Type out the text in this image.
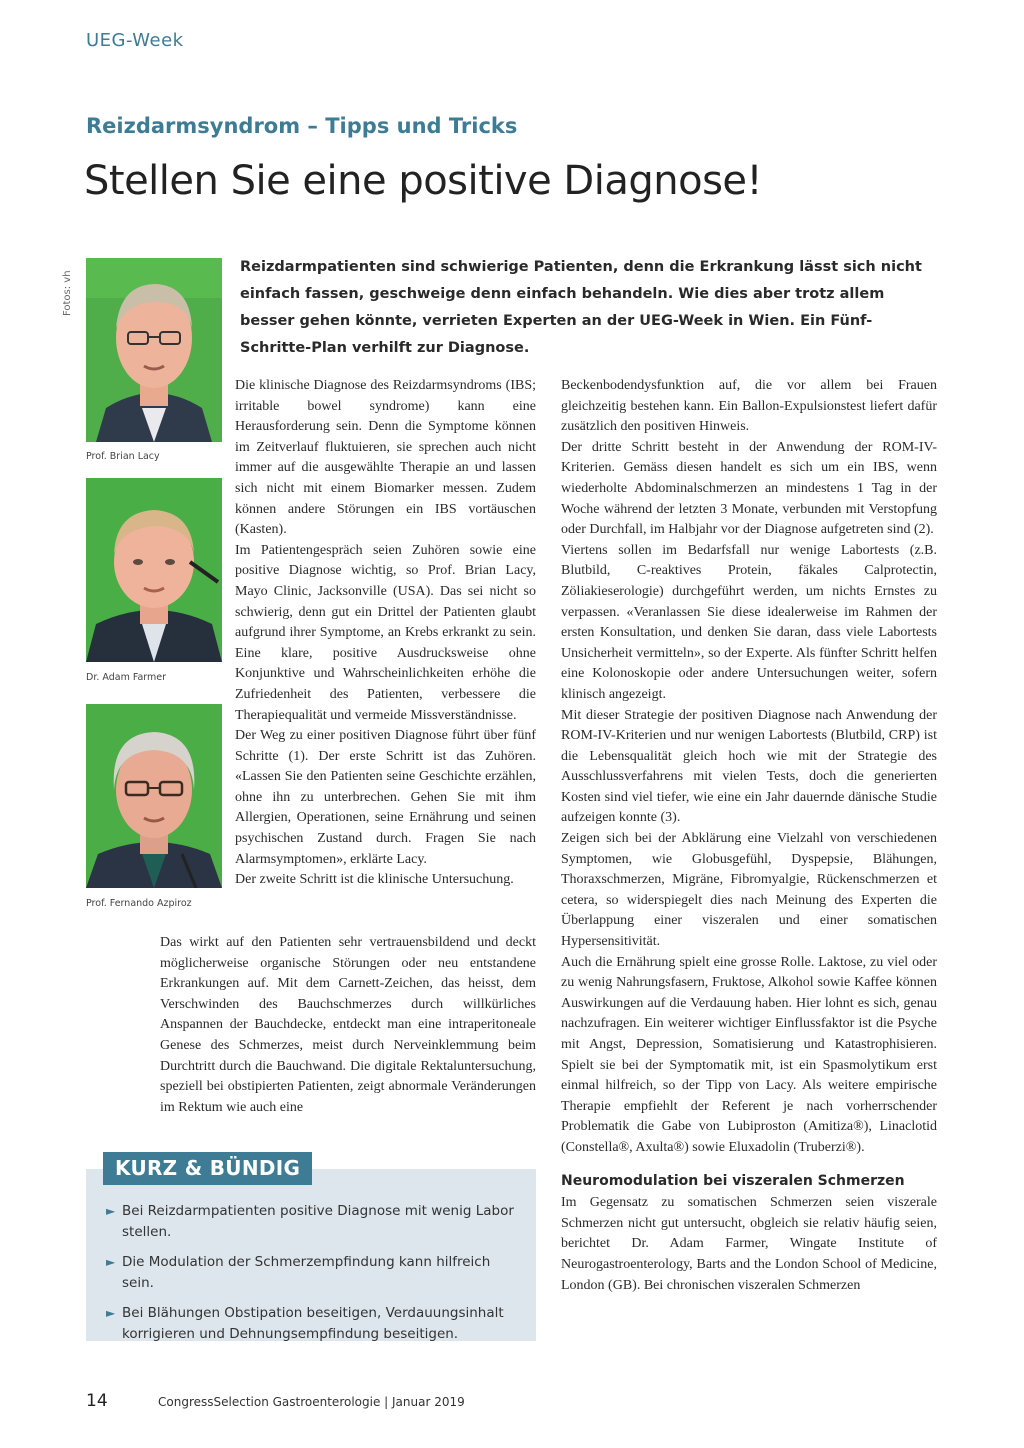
UEG-Week
Reizdarmsyndrom – Tipps und Tricks
Stellen Sie eine positive Diagnose!
Fotos: vh
Reizdarmpatienten sind schwierige Patienten, denn die Erkrankung lässt sich nicht einfach fassen, geschweige denn einfach behandeln. Wie dies aber trotz allem besser gehen könnte, verrieten Experten an der UEG-Week in Wien. Ein Fünf-Schritte-Plan verhilft zur Diagnose.
Prof. Brian Lacy
Dr. Adam Farmer
Prof. Fernando Azpiroz

Die klinische Diagnose des Reizdarmsyndroms (IBS; irritable bowel syndrome) kann eine Herausforderung sein. Denn die Symptome können im Zeitverlauf fluktuieren, sie sprechen auch nicht immer auf die ausgewählte Therapie an und lassen sich nicht mit einem Biomarker messen. Zudem können andere Störungen ein IBS vortäuschen (Kasten).

Im Patientengespräch seien Zuhören sowie eine positive Diagnose wichtig, so Prof. Brian Lacy, Mayo Clinic, Jacksonville (USA). Das sei nicht so schwierig, denn gut ein Drittel der Patienten glaubt aufgrund ihrer Symptome, an Krebs erkrankt zu sein. Eine klare, positive Ausdrucksweise ohne Konjunktive und Wahrscheinlichkeiten erhöhe die Zufriedenheit des Patienten, verbessere die Therapiequalität und vermeide Missverständnisse.

Der Weg zu einer positiven Diagnose führt über fünf Schritte (1). Der erste Schritt ist das Zuhören. «Lassen Sie den Patienten seine Geschichte erzählen, ohne ihn zu unterbrechen. Gehen Sie mit ihm Allergien, Operationen, seine Ernährung und seinen psychischen Zustand durch. Fragen Sie nach Alarmsymptomen», erklärte Lacy.

Der zweite Schritt ist die klinische Untersuchung.

Das wirkt auf den Patienten sehr vertrauensbildend und deckt möglicherweise organische Störungen oder neu entstandene Erkrankungen auf. Mit dem Carnett-Zeichen, das heisst, dem Verschwinden des Bauchschmerzes durch willkürliches Anspannen der Bauchdecke, entdeckt man eine intraperitoneale Genese des Schmerzes, meist durch Nerveinklemmung beim Durchtritt durch die Bauchwand. Die digitale Rektaluntersuchung, speziell bei obstipierten Patienten, zeigt abnormale Veränderungen im Rektum wie auch eine

Beckenbodendysfunktion auf, die vor allem bei Frauen gleichzeitig bestehen kann. Ein Ballon-Expulsionstest liefert dafür zusätzlich den positiven Hinweis.

Der dritte Schritt besteht in der Anwendung der ROM-IV-Kriterien. Gemäss diesen handelt es sich um ein IBS, wenn wiederholte Abdominalschmerzen an mindestens 1 Tag in der Woche während der letzten 3 Monate, verbunden mit Verstopfung oder Durchfall, im Halbjahr vor der Diagnose aufgetreten sind (2).

Viertens sollen im Bedarfsfall nur wenige Labortests (z.B. Blutbild, C-reaktives Protein, fäkales Calprotectin, Zöliakieserologie) durchgeführt werden, um nichts Ernstes zu verpassen. «Veranlassen Sie diese idealerweise im Rahmen der ersten Konsultation, und denken Sie daran, dass viele Labortests Unsicherheit vermitteln», so der Experte. Als fünfter Schritt helfen eine Kolonoskopie oder andere Untersuchungen weiter, sofern klinisch angezeigt.

Mit dieser Strategie der positiven Diagnose nach Anwendung der ROM-IV-Kriterien und nur wenigen Labortests (Blutbild, CRP) ist die Lebensqualität gleich hoch wie mit der Strategie des Ausschlussverfahrens mit vielen Tests, doch die generierten Kosten sind viel tiefer, wie eine ein Jahr dauernde dänische Studie aufzeigen konnte (3).

Zeigen sich bei der Abklärung eine Vielzahl von verschiedenen Symptomen, wie Globusgefühl, Dyspepsie, Blähungen, Thoraxschmerzen, Migräne, Fibromyalgie, Rückenschmerzen et cetera, so widerspiegelt dies nach Meinung des Experten die Überlappung einer viszeralen und einer somatischen Hypersensitivität.

Auch die Ernährung spielt eine grosse Rolle. Laktose, zu viel oder zu wenig Nahrungsfasern, Fruktose, Alkohol sowie Kaffee können Auswirkungen auf die Verdauung haben. Hier lohnt es sich, genau nachzufragen. Ein weiterer wichtiger Einflussfaktor ist die Psyche mit Angst, Depression, Somatisierung und Katastrophisieren. Spielt sie bei der Symptomatik mit, ist ein Spasmolytikum erst einmal hilfreich, so der Tipp von Lacy. Als weitere empirische Therapie empfiehlt der Referent je nach vorherrschender Problematik die Gabe von Lubiproston (Amitiza®), Linaclotid (Constella®, Axulta®) sowie Eluxadolin (Truberzi®).

Neuromodulation bei viszeralen Schmerzen

Im Gegensatz zu somatischen Schmerzen seien viszerale Schmerzen nicht gut untersucht, obgleich sie relativ häufig seien, berichtet Dr. Adam Farmer, Wingate Institute of Neurogastroenterology, Barts and the London School of Medicine, London (GB). Bei chronischen viszeralen Schmerzen

► Bei Reizdarmpatienten positive Diagnose mit wenig Labor stellen.
► Die Modulation der Schmerzempfindung kann hilfreich sein.
► Bei Blähungen Obstipation beseitigen, Verdauungsinhalt korrigieren und Dehnungsempfindung beseitigen.
KURZ & BÜNDIG
14	CongressSelection Gastroenterologie | Januar 2019
